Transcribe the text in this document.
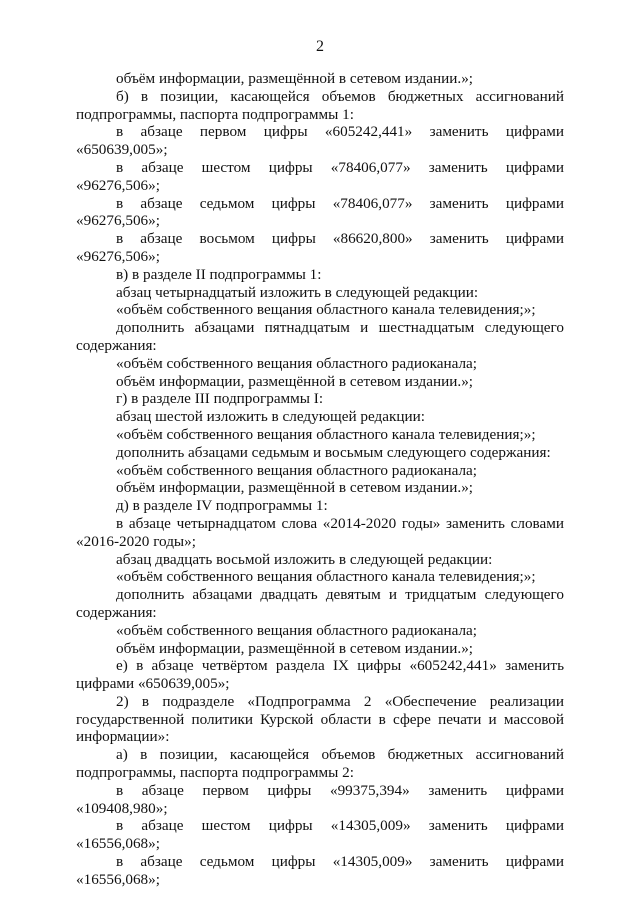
2

объём информации, размещённой в сетевом издании.»;

б) в позиции, касающейся объемов бюджетных ассигнований подпрограммы, паспорта подпрограммы 1:

в абзаце первом цифры «605242,441» заменить цифрами «650639,005»;

в абзаце шестом цифры «78406,077» заменить цифрами «96276,506»;

в абзаце седьмом цифры «78406,077» заменить цифрами «96276,506»;

в абзаце восьмом цифры «86620,800» заменить цифрами «96276,506»;

в) в разделе II подпрограммы 1:

абзац четырнадцатый изложить в следующей редакции:

«объём собственного вещания областного канала телевидения;»;

дополнить абзацами пятнадцатым и шестнадцатым следующего содержания:

«объём собственного вещания областного радиоканала;

объём информации, размещённой в сетевом издании.»;

г) в разделе III подпрограммы I:

абзац шестой изложить в следующей редакции:

«объём собственного вещания областного канала телевидения;»;

дополнить абзацами седьмым и восьмым следующего содержания:

«объём собственного вещания областного радиоканала;

объём информации, размещённой в сетевом издании.»;

д) в разделе IV подпрограммы 1:

в абзаце четырнадцатом слова «2014-2020 годы» заменить словами «2016-2020 годы»;

абзац двадцать восьмой изложить в следующей редакции:

«объём собственного вещания областного канала телевидения;»;

дополнить абзацами двадцать девятым и тридцатым следующего содержания:

«объём собственного вещания областного радиоканала;

объём информации, размещённой в сетевом издании.»;

е) в абзаце четвёртом раздела IX цифры «605242,441» заменить цифрами «650639,005»;

2) в подразделе «Подпрограмма 2 «Обеспечение реализации государственной политики Курской области в сфере печати и массовой информации»:

а) в позиции, касающейся объемов бюджетных ассигнований подпрограммы, паспорта подпрограммы 2:

в абзаце первом цифры «99375,394» заменить цифрами «109408,980»;

в абзаце шестом цифры «14305,009» заменить цифрами «16556,068»;

в абзаце седьмом цифры «14305,009» заменить цифрами «16556,068»;
